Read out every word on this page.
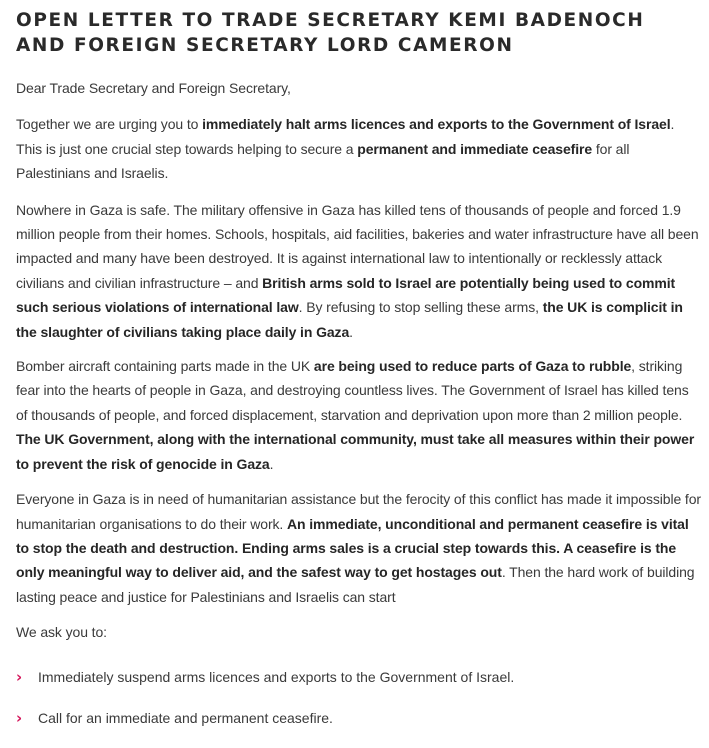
OPEN LETTER TO TRADE SECRETARY KEMI BADENOCH AND FOREIGN SECRETARY LORD CAMERON

Dear Trade Secretary and Foreign Secretary,

Together we are urging you to immediately halt arms licences and exports to the Government of Israel. This is just one crucial step towards helping to secure a permanent and immediate ceasefire for all Palestinians and Israelis.

Nowhere in Gaza is safe. The military offensive in Gaza has killed tens of thousands of people and forced 1.9 million people from their homes. Schools, hospitals, aid facilities, bakeries and water infrastructure have all been impacted and many have been destroyed. It is against international law to intentionally or recklessly attack civilians and civilian infrastructure – and British arms sold to Israel are potentially being used to commit such serious violations of international law. By refusing to stop selling these arms, the UK is complicit in the slaughter of civilians taking place daily in Gaza.

Bomber aircraft containing parts made in the UK are being used to reduce parts of Gaza to rubble, striking fear into the hearts of people in Gaza, and destroying countless lives. The Government of Israel has killed tens of thousands of people, and forced displacement, starvation and deprivation upon more than 2 million people. The UK Government, along with the international community, must take all measures within their power to prevent the risk of genocide in Gaza.

Everyone in Gaza is in need of humanitarian assistance but the ferocity of this conflict has made it impossible for humanitarian organisations to do their work. An immediate, unconditional and permanent ceasefire is vital to stop the death and destruction. Ending arms sales is a crucial step towards this. A ceasefire is the only meaningful way to deliver aid, and the safest way to get hostages out. Then the hard work of building lasting peace and justice for Palestinians and Israelis can start

We ask you to:

› Immediately suspend arms licences and exports to the Government of Israel.
› Call for an immediate and permanent ceasefire.
